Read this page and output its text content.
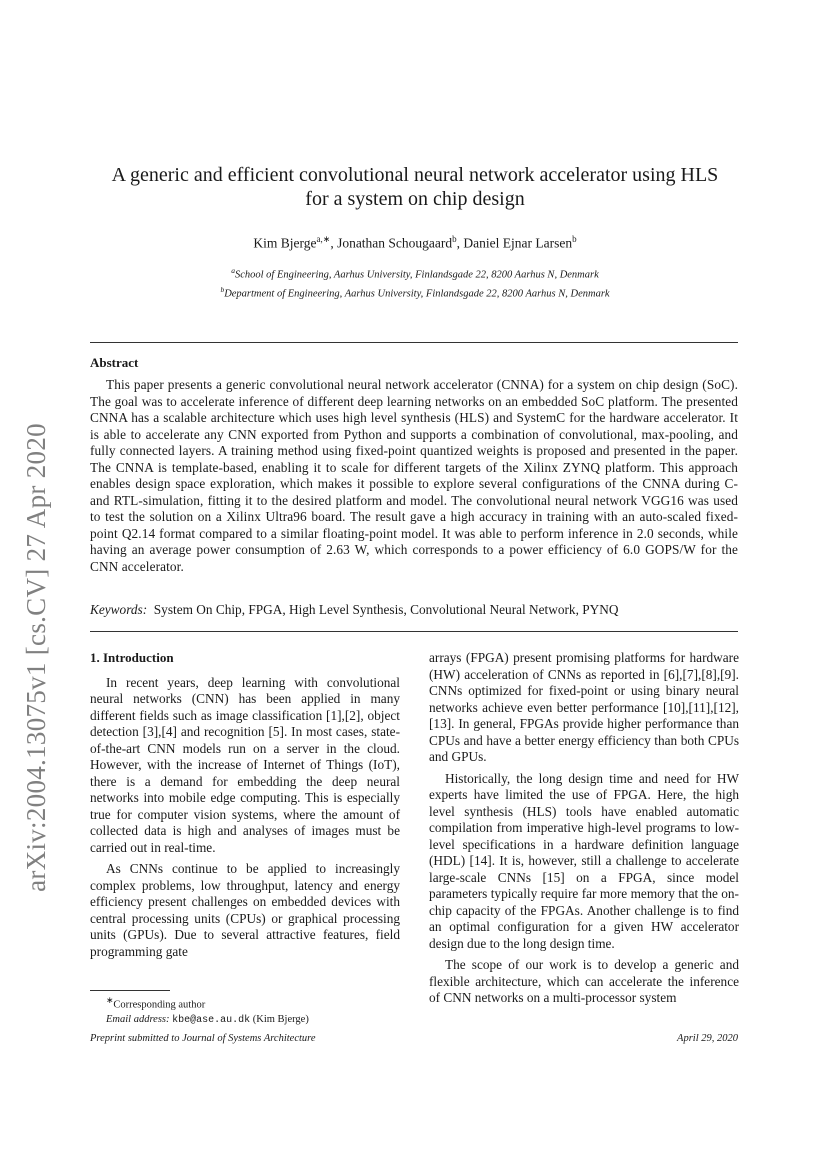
arXiv:2004.13075v1 [cs.CV] 27 Apr 2020
A generic and efficient convolutional neural network accelerator using HLS
for a system on chip design

Kim Bjerge$^{a,∗}$, Jonathan Schougaard$^b$, Daniel Ejnar Larsen$^b$

$^a$School of Engineering, Aarhus University, Finlandsgade 22, 8200 Aarhus N, Denmark
$^b$Department of Engineering, Aarhus University, Finlandsgade 22, 8200 Aarhus N, Denmark
Abstract

This paper presents a generic convolutional neural network accelerator (CNNA) for a system on chip design (SoC). The goal was to accelerate inference of different deep learning networks on an embedded SoC platform. The presented CNNA has a scalable architecture which uses high level synthesis (HLS) and SystemC for the hardware accelerator. It is able to accelerate any CNN exported from Python and supports a combination of convolutional, max-pooling, and fully connected layers. A training method using fixed-point quantized weights is proposed and presented in the paper. The CNNA is template-based, enabling it to scale for different targets of the Xilinx ZYNQ platform. This approach enables design space exploration, which makes it possible to explore several configurations of the CNNA during C- and RTL-simulation, fitting it to the desired platform and model. The convolutional neural network VGG16 was used to test the solution on a Xilinx Ultra96 board. The result gave a high accuracy in training with an auto-scaled fixed-point Q2.14 format compared to a similar floating-point model. It was able to perform inference in 2.0 seconds, while having an average power consumption of 2.63 W, which corresponds to a power efficiency of 6.0 GOPS/W for the CNN accelerator.

Keywords: System On Chip, FPGA, High Level Synthesis, Convolutional Neural Network, PYNQ

1. Introduction

In recent years, deep learning with convolutional neural networks (CNN) has been applied in many different fields such as image classification [1],[2], object detection [3],[4] and recognition [5]. In most cases, state-of-the-art CNN models run on a server in the cloud. However, with the increase of Internet of Things (IoT), there is a demand for embedding the deep neural networks into mobile edge computing. This is especially true for computer vision systems, where the amount of collected data is high and analyses of images must be carried out in real-time.

As CNNs continue to be applied to increasingly complex problems, low throughput, latency and energy efficiency present challenges on embedded devices with central processing units (CPUs) or graphical processing units (GPUs). Due to several attractive features, field programming gate

arrays (FPGA) present promising platforms for hardware (HW) acceleration of CNNs as reported in [6],[7],[8],[9]. CNNs optimized for fixed-point or using binary neural networks achieve even better performance [10],[11],[12],[13]. In general, FPGAs provide higher performance than CPUs and have a better energy efficiency than both CPUs and GPUs.

Historically, the long design time and need for HW experts have limited the use of FPGA. Here, the high level synthesis (HLS) tools have enabled automatic compilation from imperative high-level programs to low-level specifications in a hardware definition language (HDL) [14]. It is, however, still a challenge to accelerate large-scale CNNs [15] on a FPGA, since model parameters typically require far more memory that the on-chip capacity of the FPGAs. Another challenge is to find an optimal configuration for a given HW accelerator design due to the long design time.

The scope of our work is to develop a generic and flexible architecture, which can accelerate the inference of CNN networks on a multi-processor system

∗Corresponding author

Email address: kbe@ase.au.dk (Kim Bjerge)

Preprint submitted to Journal of Systems Architecture	April 29, 2020
